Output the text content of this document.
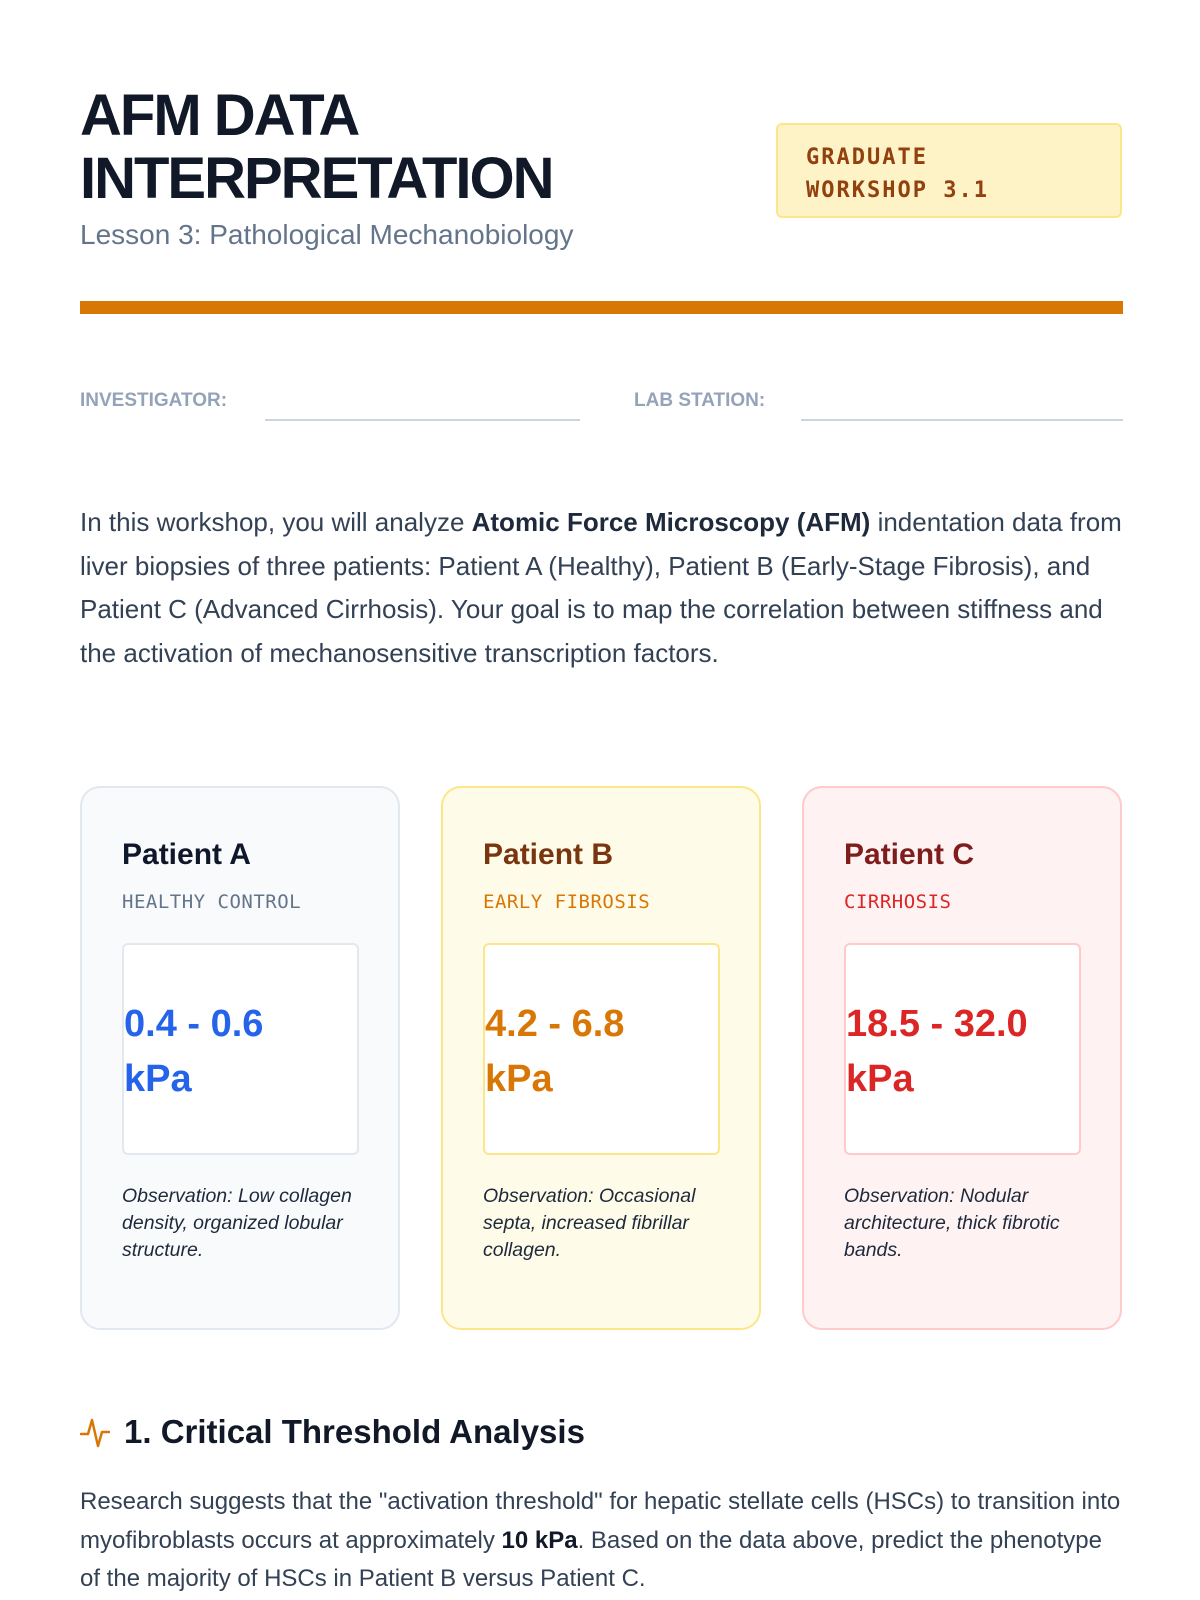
AFM DATA
INTERPRETATION
Lesson 3: Pathological Mechanobiology
GRADUATE
WORKSHOP 3.1
INVESTIGATOR:	LAB STATION:

In this workshop, you will analyze Atomic Force Microscopy (AFM) indentation data from liver biopsies of three patients: Patient A (Healthy), Patient B (Early-Stage Fibrosis), and Patient C (Advanced Cirrhosis). Your goal is to map the correlation between stiffness and the activation of mechanosensitive transcription factors.

Patient A
HEALTHY CONTROL
0.4 - 0.6
kPa
Observation: Low collagen density, organized lobular structure.
Patient B
EARLY FIBROSIS
4.2 - 6.8
kPa
Observation: Occasional septa, increased fibrillar collagen.
Patient C
CIRRHOSIS
18.5 - 32.0
kPa
Observation: Nodular architecture, thick fibrotic bands.
1. Critical Threshold Analysis

Research suggests that the "activation threshold" for hepatic stellate cells (HSCs) to transition into myofibroblasts occurs at approximately 10 kPa. Based on the data above, predict the phenotype of the majority of HSCs in Patient B versus Patient C.
